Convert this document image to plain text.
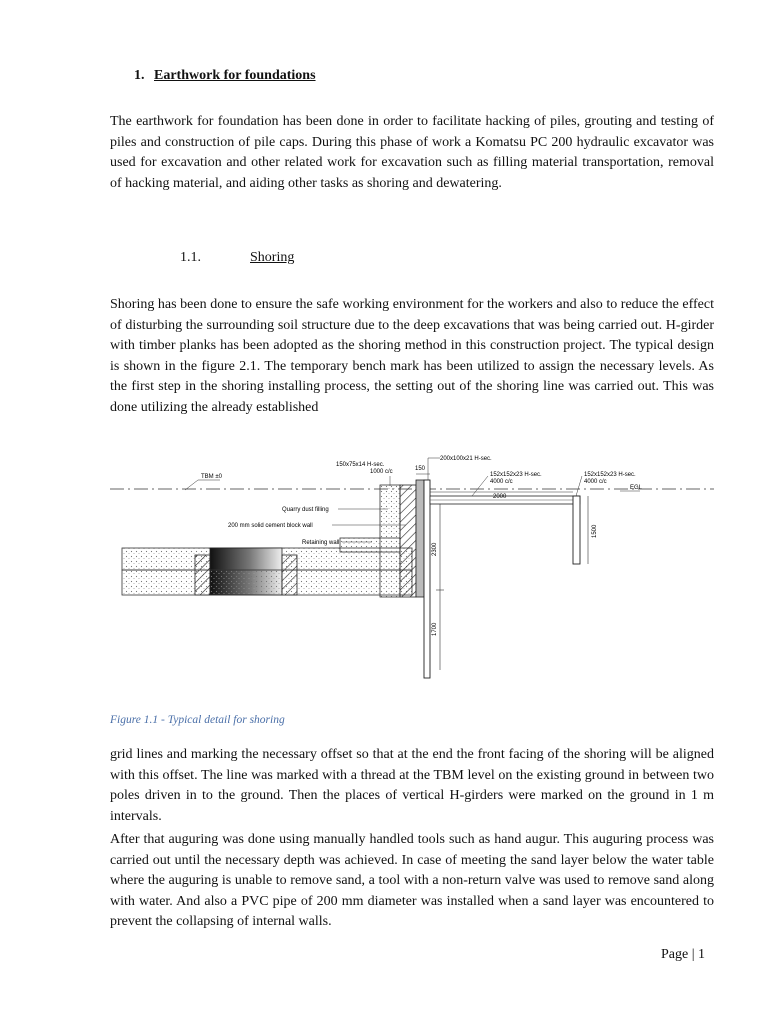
1. Earthwork for foundations

The earthwork for foundation has been done in order to facilitate hacking of piles, grouting and testing of piles and construction of pile caps. During this phase of work a Komatsu PC 200 hydraulic excavator was used for excavation and other related work for excavation such as filling material transportation, removal of hacking material, and aiding other tasks as shoring and dewatering.

1.1.	Shoring

Shoring has been done to ensure the safe working environment for the workers and also to reduce the effect of disturbing the surrounding soil structure due to the deep excavations that was being carried out. H-girder with timber planks has been adopted as the shoring method in this construction project. The typical design is shown in the figure 2.1. The temporary bench mark has been utilized to assign the necessary levels. As the first step in the shoring installing process, the setting out of the shoring line was carried out. This was done utilizing the already established

2300
1700
1500
2000
EGL
TBM ±0
150x75x14 H-sec.
1000 c/c	150
200x100x21 H-sec.
152x152x23 H-sec.
4000 c/c
152x152x23 H-sec.
4000 c/c
Quarry dust filling
200 mm solid cement block wall
Retaining wall
Figure 1.1 - Typical detail for shoring

grid lines and marking the necessary offset so that at the end the front facing of the shoring will be aligned with this offset. The line was marked with a thread at the TBM level on the existing ground in between two poles driven in to the ground. Then the places of vertical H-girders were marked on the ground in 1 m intervals.

After that auguring was done using manually handled tools such as hand augur. This auguring process was carried out until the necessary depth was achieved. In case of meeting the sand layer below the water table where the auguring is unable to remove sand, a tool with a non-return valve was used to remove sand along with water. And also a PVC pipe of 200 mm diameter was installed when a sand layer was encountered to prevent the collapsing of internal walls.

Page | 1
